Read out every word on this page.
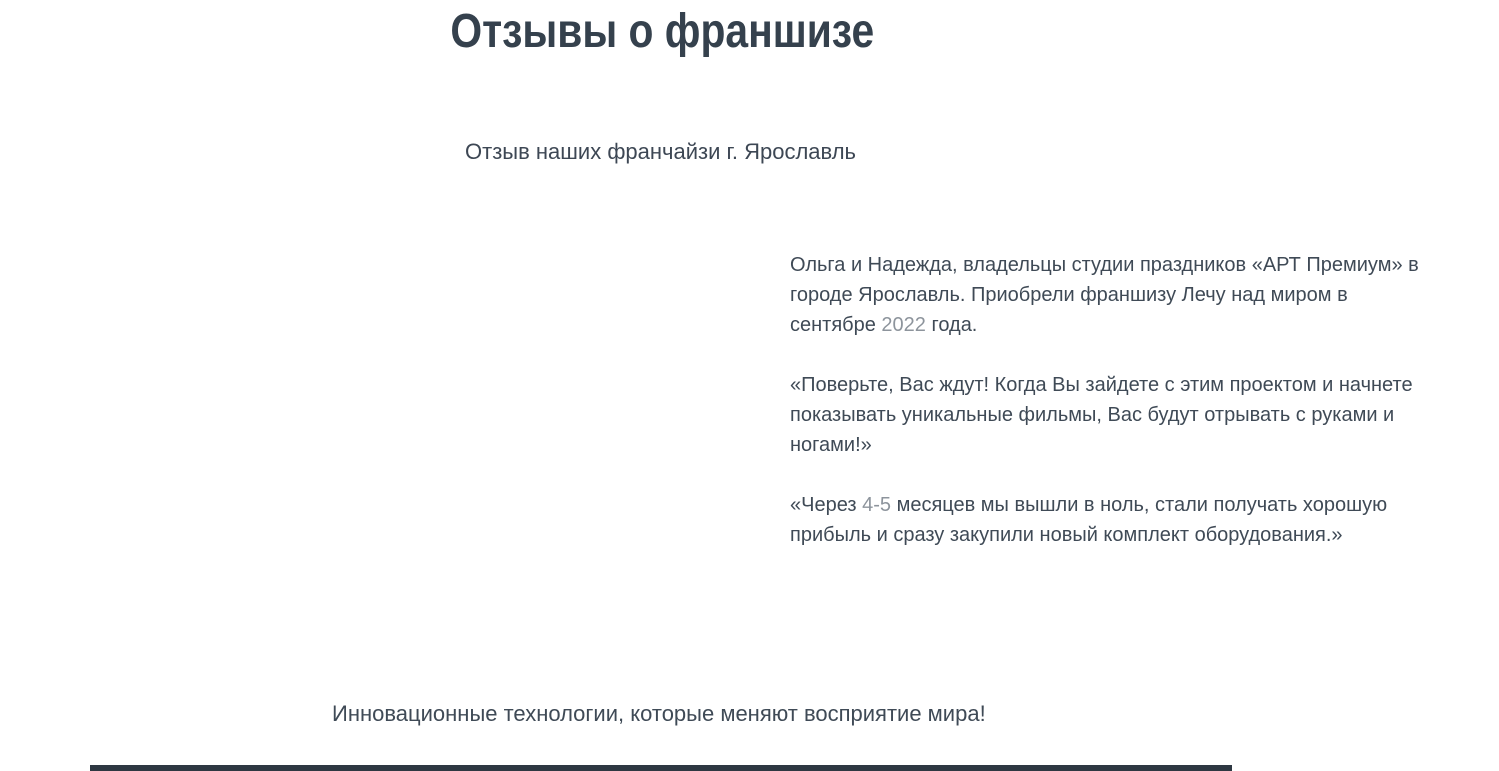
Отзывы о франшизе
Отзыв наших франчайзи г. Ярославль

Ольга и Надежда, владельцы студии праздников «АРТ Премиум» в городе Ярославль. Приобрели франшизу Лечу над миром в сентябре 2022 года.

«Поверьте, Вас ждут! Когда Вы зайдете с этим проектом и начнете показывать уникальные фильмы, Вас будут отрывать с руками и ногами!»

«Через 4-5 месяцев мы вышли в ноль, стали получать хорошую прибыль и сразу закупили новый комплект оборудования.»

Инновационные технологии, которые меняют восприятие мира!
